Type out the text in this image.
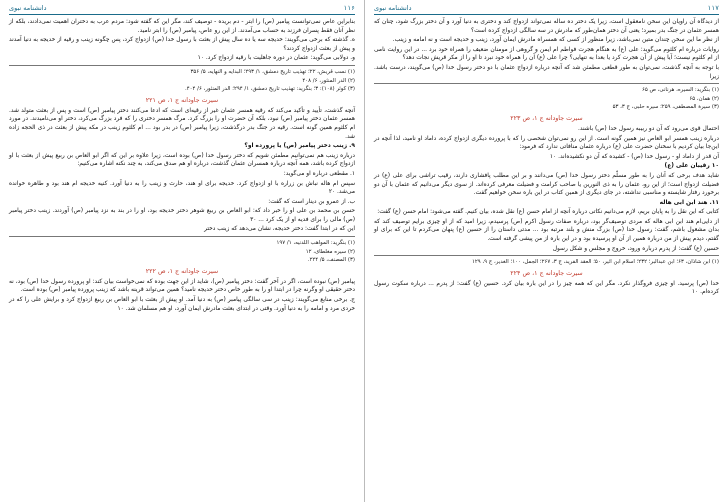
۱۱۶
دانشنامه نبوی

بنابراین عاص نمی‌توانست پیامبر (ص) را ابتر - دم بریده - توصیف کند، مگر این که گفته شود: مردم عرب به دختران اهمیت نمی‌دادند، بلکه از نظر آنان فقط پسران فرزند به حساب می‌آمدند. از این رو عاص، پیامبر (ص) را ابتر نامید.

ه. گذشته که برخی می‌گویند: خدیجه سه یا ده سال پیش از بعثت با رسول خدا (ص) ازدواج کرد، پس چگونه زینب و رقیه از خدیجه به دنیا آمدند و پیش از بعثت ازدواج کردند؟

و. دولابی می‌گوید: عثمان در دوره جاهلیت با رقیه ازدواج کرد. ۱۰

(۱) نسب قریش، ۲۲؛ تهذیب تاریخ دمشق، ۱/ ۲۹۳؛ البدایه و النهایه، ۵/ ۳۵۶
(۲) الدر المنثور، ۶/ ۴۰۸
(۳) کوثر (۱۰۸): ۳؛ بنگرید: تهذیب تاریخ دمشق، ۱/ ۲۹۴؛ الدر المنثور، ۶/ ۴۰۴.
سیرت جاودانه ج ۱، ص ۲۲۱

آنچه گذشت، تأیید و تأکید می‌کند که رقیه همسر عثمان غیر از رقیه‌ای است که ادعا می‌کنند دختر پیامبر (ص) است و پس از بعثت متولد شد. همسر عثمان دختر پیامبر (ص) نبود، بلکه آن حضرت او را بزرگ کرد. مرگ همسر دختری را که فرد بزرگ می‌کرد، دختر او می‌نامیدند. در مورد ام کلثوم همین گونه است. رقیه در جنگ بدر درگذشت، زیرا پیامبر (ص) در بدر بود ... ام کلثوم زینب در مکه پیش از بعثت در ذی الحجه زاده شد.

۹. زینب دختر پیامبر (ص) یا پرورده او؟

درباره زینب هم نمی‌توانیم مطمئن شویم که دختر رسول خدا (ص) بوده است، زیرا علاوه بر این که اگر ابو العاص بن ربیع پیش از بعثت با او ازدواج کرده باشد، همه آنچه درباره همسران عثمان گذشت، درباره او هم صدق می‌کند، به چند نکته اشاره می‌کنیم:

۱. مقطعی درباره او می‌گوید:

سپس ام هاله نباش بن زراره با او ازدواج کرد. خدیجه برای او هند، حارث و زینب را به دنیا آورد. کنیه خدیجه ام هند بود و طاهره خوانده می‌شد. ۲۰

ب. از عمرو بن دینار است که گفت:

حسن بن محمد بن علی او را خبر داد که: ابو العاص بن ربیع شوهر دختر خدیجه بود، او را در بند به نزد پیامبر (ص) آوردند. زینب دختر پیامبر (ص) مالی را برای فدیه او از یک کرد ... ۳۰

این که در ابتدا گفت: دختر خدیجه، نشان می‌دهد که زینب دختر

(۱) بنگرید: المواهب اللدنیه، ۱/ ۱۹۷
(۲) سیره مغلطای، ۱۲
(۳) المصنف، ۵/ ۲۲۴.
سیرت جاودانه ج ۱، ص ۲۲۲

پیامبر (ص) نبوده است، اگر در آخر گفت: دختر پیامبر (ص)، شاید از این جهت بوده که نمی‌خواست بیان کند: او پرورده رسول خدا (ص) بود، نه دختر حقیقی او وگرنه چرا در ابتدا او را به طور خاص دختر خدیجه نامید؟ همین می‌تواند قرینه باشد که زینب پرورده پیامبر (ص) بوده است.

ج. برخی منابع می‌گویند: زینب در سی سالگی پیامبر (ص) به دنیا آمد. او پیش از بعثت با ابو العاص بن ربیع ازدواج کرد و برایش علی را که در خردی مرد و امامه را به دنیا آورد. وقتی در ابتدای بعثت مادرش ایمان آورد، او هم مسلمان شد. ۱۰

۱۱۷
دانشنامه نبوی

از دیدگاه آن راویان این سخن نامعقول است، زیرا یک دختر ده ساله نمی‌تواند ازدواج کند و دختری به دنیا آورد و آن دختر بزرگ شود، چنان که همسر عثمان در جنگ بدر بمیرد؛ یعنی آن دختر همان‌طور که مادرش در سه سالگی ازدواج کرده است؟

از نظر ما این سخن چندان متین نمی‌باشد، زیرا منظور از کسی که همسراه مادرش ایمان آورد، زینب و خدیجه است و نه امامه و زینب.

روایات درباره ام کلثوم می‌گوید: علی (ع) به هنگام هجرت فواطم ام ایمن و گروهی از مومنان ضعیف را همراه خود برد ... در این روایت نامی از ام کلثوم نیست؛ آیا پیش از آن هجرت کرد یا بعدا به تنهایی؟ چرا علی (ع) آن را همراه خود نبرد تا او را از مکر قریش نجات دهد؟

با توجه به آنچه گذشت، نمی‌توان به طور قطعی مطمئن شد که آنچه درباره ازدواج عثمان با دو دختر رسول خدا (ص) می‌گویند، درست باشد. زیرا

(۱) بنگرید: السیره، هرنانی، ص ۶۵
(۲) همان، ۶۵
(۳) سیرة المصطفی، ۲۵۹؛ سیره حلبی، ج ۳، ۵۳
سیرت جاودانه ج ۱، ص ۲۲۳

احتمال قوی می‌رود که آن دو ربیبه رسول خدا (ص) باشند.

درباره زینب همسر ابو العاص نیز همین گونه است. از این رو نمی‌توان شخصی را که با پرورده دیگری ازدواج کرده، داماد او نامید، لذا آنچه در این‌جا بیان کردیم با سخنان حضرت علی (ع) درباره عثمان منافاتی ندارد که فرمود:

آن قدر از داماد او - رسول خدا (ص) - کشیده که آن دو نکشیده‌اند. ۱۰

۱۰ رقیبان علی (ع)

شاید هدف برخی که آنان را به طور مسلّم دختر رسول خدا (ص) می‌دانند و بر این مطلب پافشاری دارند، رقیب تراشی برای علی (ع) در فضیلت ازدواج است؛ از این رو، عثمان را به ذی النورین یا صاحب کرامت و فضیلت معرفی کرده‌اند. از سوی دیگر می‌دانیم که عثمان با آن دو برخورد رفتار شایسته و مناسبی نداشته، در جای دیگری از همین کتاب در این باره سخن خواهیم گفت.

۱۱. هند ابن ابی هاله

کتابی که این نقل را به پایان بریم، لازم می‌دانیم نکاتی درباره آنچه از امام حسن (ع) نقل شده، بیان کنیم. گفته می‌شود: امام حسن (ع) گفت:

از دایی‌ام هند ابن ابی هاله که مردی توصیف‌گر بود، درباره صفات رسول اکرم (ص) پرسیدم، زیرا امید که از او چیزی برایم توصیف کند که بدان مشغول باشم، گفت: رسول خدا (ص) بزرگ منش و بلند مرتبه بود ... مدتی داستان را از حسین (ع) پنهان می‌کردم تا این که برای او گفتم، دیدم پیش از من درباره همین از آن او پرسیده بود و در این باره از من پیشی گرفته است.

حسین (ع) گفت: از پدرم درباره ورود، خروج و مجلس و شکل رسول

(۱) ابن شاذان، ۶۳؛ ابن عبدالبر؛ ۲۳۲؛ اسلام ابن اثیر، ۵۰؛ العقد الفرید، ج ۳، ۲۶۷؛ الجمل، ۱۰۰؛ الغدیر، ج ۹، ۱۲۹
سیرت جاودانه ج ۱، ص ۲۲۴

خدا (ص) پرسید. او چیزی فروگذار نکرد. مگر این که همه چیز را در این باره بیان کرد. حسین (ع) گفت: از پدرم ... درباره سکوت رسول کرده‌ام. ۱۰
